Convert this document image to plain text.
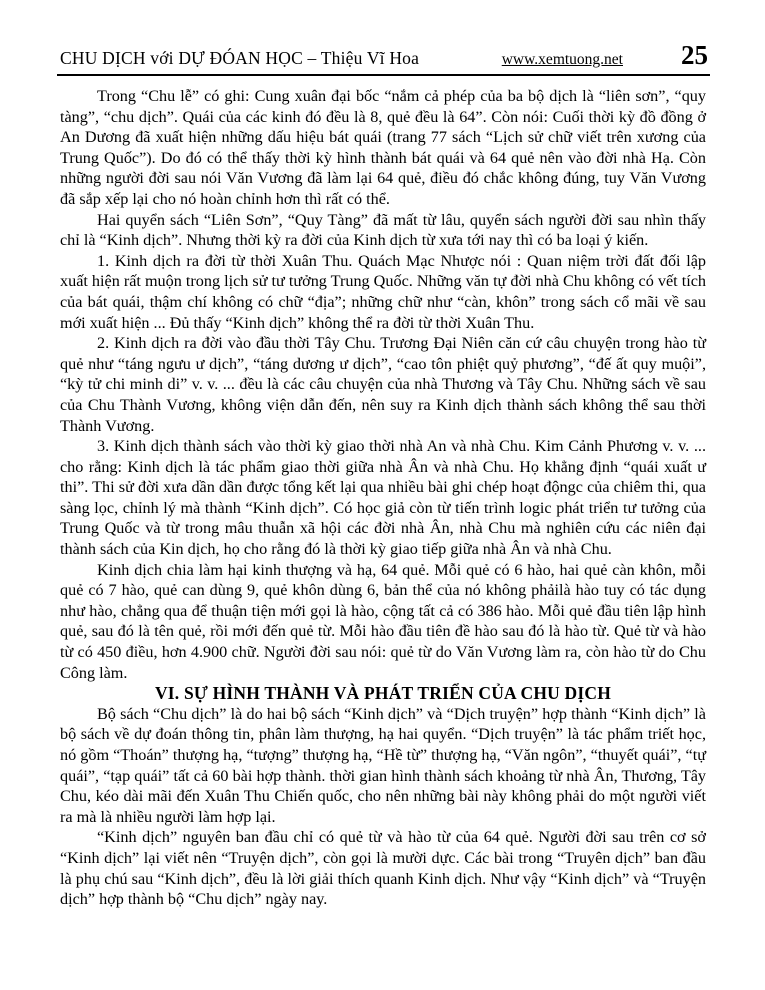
CHU DỊCH với DỰ ĐÓAN HỌC – Thiệu Vĩ Hoa	www.xemtuong.net 25

Trong “Chu lễ” có ghi: Cung xuân đại bốc “nắm cả phép của ba bộ dịch là “liên sơn”, “quy tàng”, “chu dịch”. Quái của các kinh đó đều là 8, quẻ đều là 64”. Còn nói: Cuối thời kỳ đồ đồng ở An Dương đã xuất hiện những dấu hiệu bát quái (trang 77 sách “Lịch sử chữ viết trên xương của Trung Quốc”). Do đó có thể thấy thời kỳ hình thành bát quái và 64 quẻ nên vào đời nhà Hạ. Còn những người đời sau nói Văn Vương đã làm lại 64 quẻ, điều đó chắc không đúng, tuy Văn Vương đã sắp xếp lại cho nó hoàn chỉnh hơn thì rất có thể.

Hai quyển sách “Liên Sơn”, “Quy Tàng” đã mất từ lâu, quyển sách người đời sau nhìn thấy chỉ là “Kinh dịch”. Nhưng thời kỳ ra đời của Kinh dịch từ xưa tới nay thì có ba loại ý kiến.

1. Kinh dịch ra đời từ thời Xuân Thu. Quách Mạc Nhược nói : Quan niệm trời đất đối lập xuất hiện rất muộn trong lịch sử tư tưởng Trung Quốc. Những văn tự đời nhà Chu không có vết tích của bát quái, thậm chí không có chữ “địa”; những chữ như “càn, khôn” trong sách cổ mãi về sau mới xuất hiện ... Đủ thấy “Kinh dịch” không thể ra đời từ thời Xuân Thu.

2. Kinh dịch ra đời vào đầu thời Tây Chu. Trương Đại Niên căn cứ câu chuyện trong hào từ quẻ như “táng ngưu ư dịch”, “táng dương ư dịch”, “cao tôn phiệt quỷ phương”, “đế ất quy muội”, “kỳ tử chi minh di” v. v. ... đều là các câu chuyện của nhà Thương và Tây Chu. Những sách về sau của Chu Thành Vương, không viện dẫn đến, nên suy ra Kinh dịch thành sách không thể sau thời Thành Vương.

3. Kinh dịch thành sách vào thời kỳ giao thời nhà An và nhà Chu. Kim Cảnh Phương v. v. ... cho rằng: Kinh dịch là tác phẩm giao thời giữa nhà Ân và nhà Chu. Họ khẳng định “quái xuất ư thi”. Thi sử đời xưa dần dần được tổng kết lại qua nhiều bài ghi chép hoạt độngc của chiêm thi, qua sàng lọc, chỉnh lý mà thành “Kinh dịch”. Có học giả còn từ tiến trình logic phát triển tư tưởng của Trung Quốc và từ trong mâu thuẫn xã hội các đời nhà Ân, nhà Chu mà nghiên cứu các niên đại thành sách của Kin dịch, họ cho rằng đó là thời kỳ giao tiếp giữa nhà Ân và nhà Chu.

Kinh dịch chia làm hại kinh thượng và hạ, 64 quẻ. Mỗi quẻ có 6 hào, hai quẻ càn khôn, mỗi quẻ có 7 hào, quẻ can dùng 9, quẻ khôn dùng 6, bản thể của nó không phảilà hào tuy có tác dụng như hào, chẳng qua để thuận tiện mới gọi là hào, cộng tất cả có 386 hào. Mỗi quẻ đầu tiên lập hình quẻ, sau đó là tên quẻ, rồi mới đến quẻ từ. Mỗi hào đầu tiên đề hào sau đó là hào từ. Quẻ từ và hào từ có 450 điều, hơn 4.900 chữ. Người đời sau nói: quẻ từ do Văn Vương làm ra, còn hào từ do Chu Công làm.

VI. SỰ HÌNH THÀNH VÀ PHÁT TRIỂN CỦA CHU DỊCH

Bộ sách “Chu dịch” là do hai bộ sách “Kinh dịch” và “Dịch truyện” hợp thành “Kinh dịch” là bộ sách về dự đoán thông tin, phân làm thượng, hạ hai quyển. “Dịch truyện” là tác phẩm triết học, nó gồm “Thoán” thượng hạ, “tượng” thượng hạ, “Hề từ” thượng hạ, “Văn ngôn”, “thuyết quái”, “tự quái”, “tạp quái” tất cả 60 bài hợp thành. thời gian hình thành sách khoảng từ nhà Ân, Thương, Tây Chu, kéo dài mãi đến Xuân Thu Chiến quốc, cho nên những bài này không phải do một người viết ra mà là nhiều người làm hợp lại.

“Kinh dịch” nguyên ban đầu chỉ có quẻ từ và hào từ của 64 quẻ. Người đời sau trên cơ sở “Kinh dịch” lại viết nên “Truyện dịch”, còn gọi là mười dực. Các bài trong “Truyên dịch” ban đầu là phụ chú sau “Kinh dịch”, đều là lời giải thích quanh Kinh dịch. Như vậy “Kinh dịch” và “Truyện dịch” hợp thành bộ “Chu dịch” ngày nay.
